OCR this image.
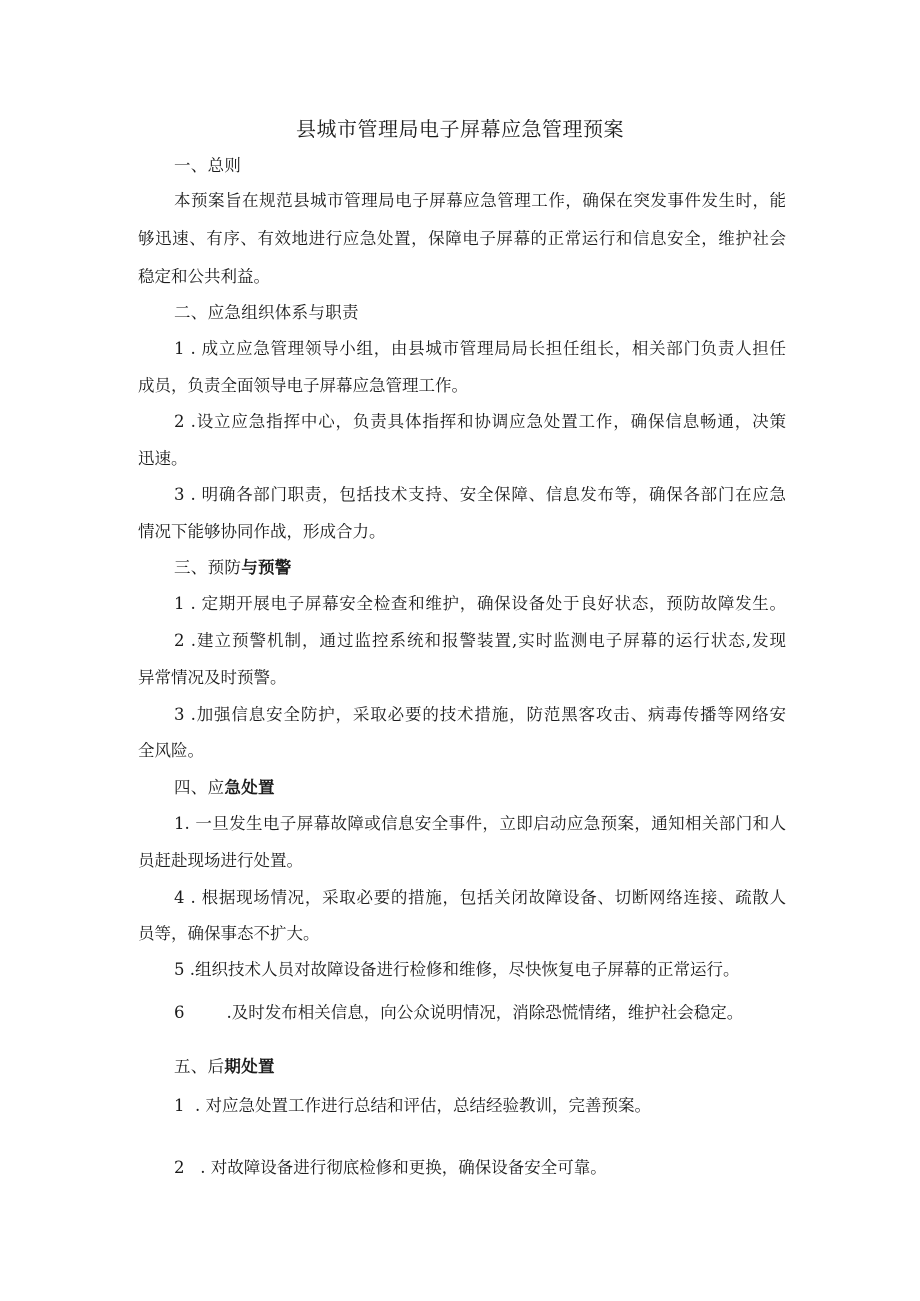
县城市管理局电子屏幕应急管理预案
一、总则
本预案旨在规范县城市管理局电子屏幕应急管理工作，确保在突发事件发生时，能
够迅速、有序、有效地进行应急处置，保障电子屏幕的正常运行和信息安全，维护社会
稳定和公共利益。
二、应急组织体系与职责
1 . 成立应急管理领导小组，由县城市管理局局长担任组长，相关部门负责人担任
成员，负责全面领导电子屏幕应急管理工作。
2 .设立应急指挥中心，负责具体指挥和协调应急处置工作，确保信息畅通，决策
迅速。
3 . 明确各部门职责，包括技术支持、安全保障、信息发布等，确保各部门在应急
情况下能够协同作战，形成合力。
三、预防与预警
1 . 定期开展电子屏幕安全检查和维护，确保设备处于良好状态，预防故障发生。
2 .建立预警机制，通过监控系统和报警装置,实时监测电子屏幕的运行状态,发现
异常情况及时预警。
3 .加强信息安全防护，采取必要的技术措施，防范黑客攻击、病毒传播等网络安
全风险。
四、应急处置
1. 一旦发生电子屏幕故障或信息安全事件，立即启动应急预案，通知相关部门和人
员赶赴现场进行处置。
4 . 根据现场情况，采取必要的措施，包括关闭故障设备、切断网络连接、疏散人
员等，确保事态不扩大。
5 .组织技术人员对故障设备进行检修和维修，尽快恢复电子屏幕的正常运行。
6        .及时发布相关信息，向公众说明情况，消除恐慌情绪，维护社会稳定。
五、后期处置
1  . 对应急处置工作进行总结和评估，总结经验教训，完善预案。
2   . 对故障设备进行彻底检修和更换，确保设备安全可靠。
